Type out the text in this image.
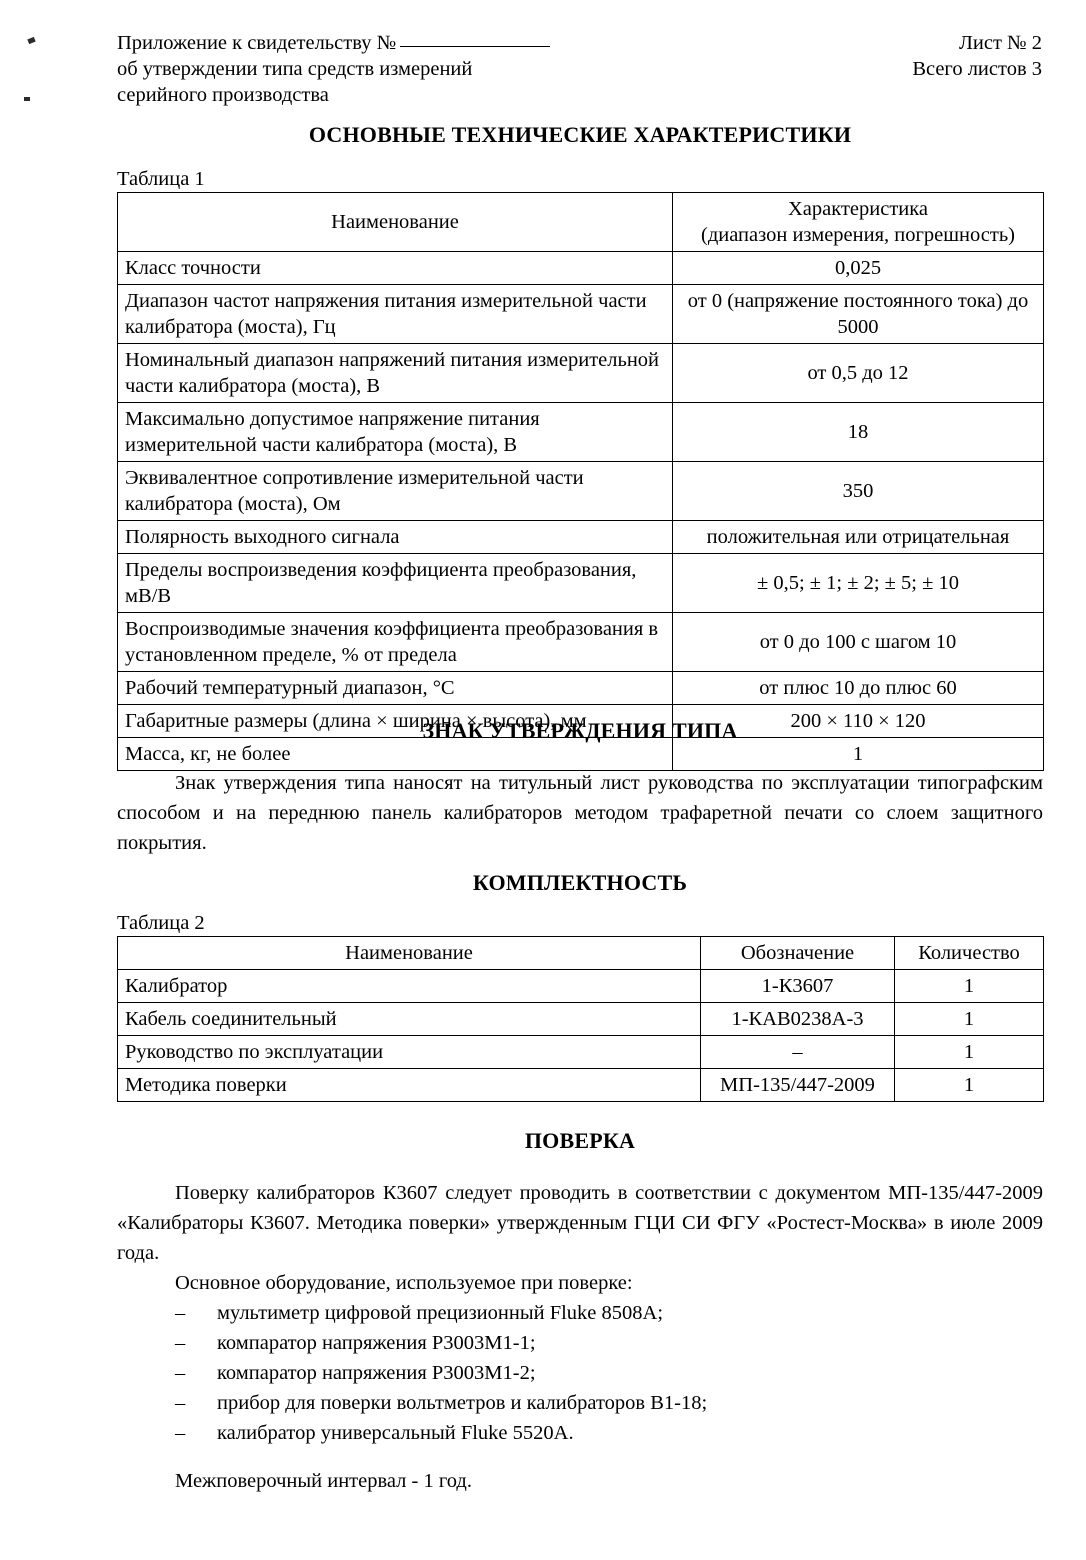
Приложение к свидетельству №
об утверждении типа средств измерений
серийного производства
Лист № 2
Всего листов 3
ОСНОВНЫЕ ТЕХНИЧЕСКИЕ ХАРАКТЕРИСТИКИ
Таблица 1
Наименование	Характеристика
(диапазон измерения, погрешность)

Класс точности	0,025
Диапазон частот напряжения питания измерительной части калибратора (моста), Гц	от 0 (напряжение постоянного тока) до 5000
Номинальный диапазон напряжений питания измерительной части калибратора (моста), В	от 0,5 до 12
Максимально допустимое напряжение питания измерительной части калибратора (моста), В	18
Эквивалентное сопротивление измерительной части калибратора (моста), Ом	350
Полярность выходного сигнала	положительная или отрицательная
Пределы воспроизведения коэффициента преобразования, мВ/В	± 0,5; ± 1; ± 2; ± 5; ± 10
Воспроизводимые значения коэффициента преобразования в установленном пределе, % от предела	от 0 до 100 с шагом 10
Рабочий температурный диапазон, °С	от плюс 10 до плюс 60
Габаритные размеры (длина × ширина × высота), мм	200 × 110 × 120
Масса, кг, не более	1
ЗНАК УТВЕРЖДЕНИЯ ТИПА

Знак утверждения типа наносят на титульный лист руководства по эксплуатации типографским способом и на переднюю панель калибраторов методом трафаретной печати со слоем защитного покрытия.

КОМПЛЕКТНОСТЬ
Таблица 2
Наименование	Обозначение	Количество
Калибратор	1-К3607	1
Кабель соединительный	1-КАВ0238А-3	1
Руководство по эксплуатации	–	1
Методика поверки	МП-135/447-2009	1
ПОВЕРКА

Поверку калибраторов К3607 следует проводить в соответствии с документом МП-135/447-2009 «Калибраторы К3607. Методика поверки» утвержденным ГЦИ СИ ФГУ «Ростест-Москва» в июле 2009 года.

Основное оборудование, используемое при поверке:

– мультиметр цифровой прецизионный Fluke 8508A;
– компаратор напряжения Р3003М1-1;
– компаратор напряжения Р3003М1-2;
– прибор для поверки вольтметров и калибраторов В1-18;
– калибратор универсальный Fluke 5520A.

Межповерочный интервал - 1 год.
